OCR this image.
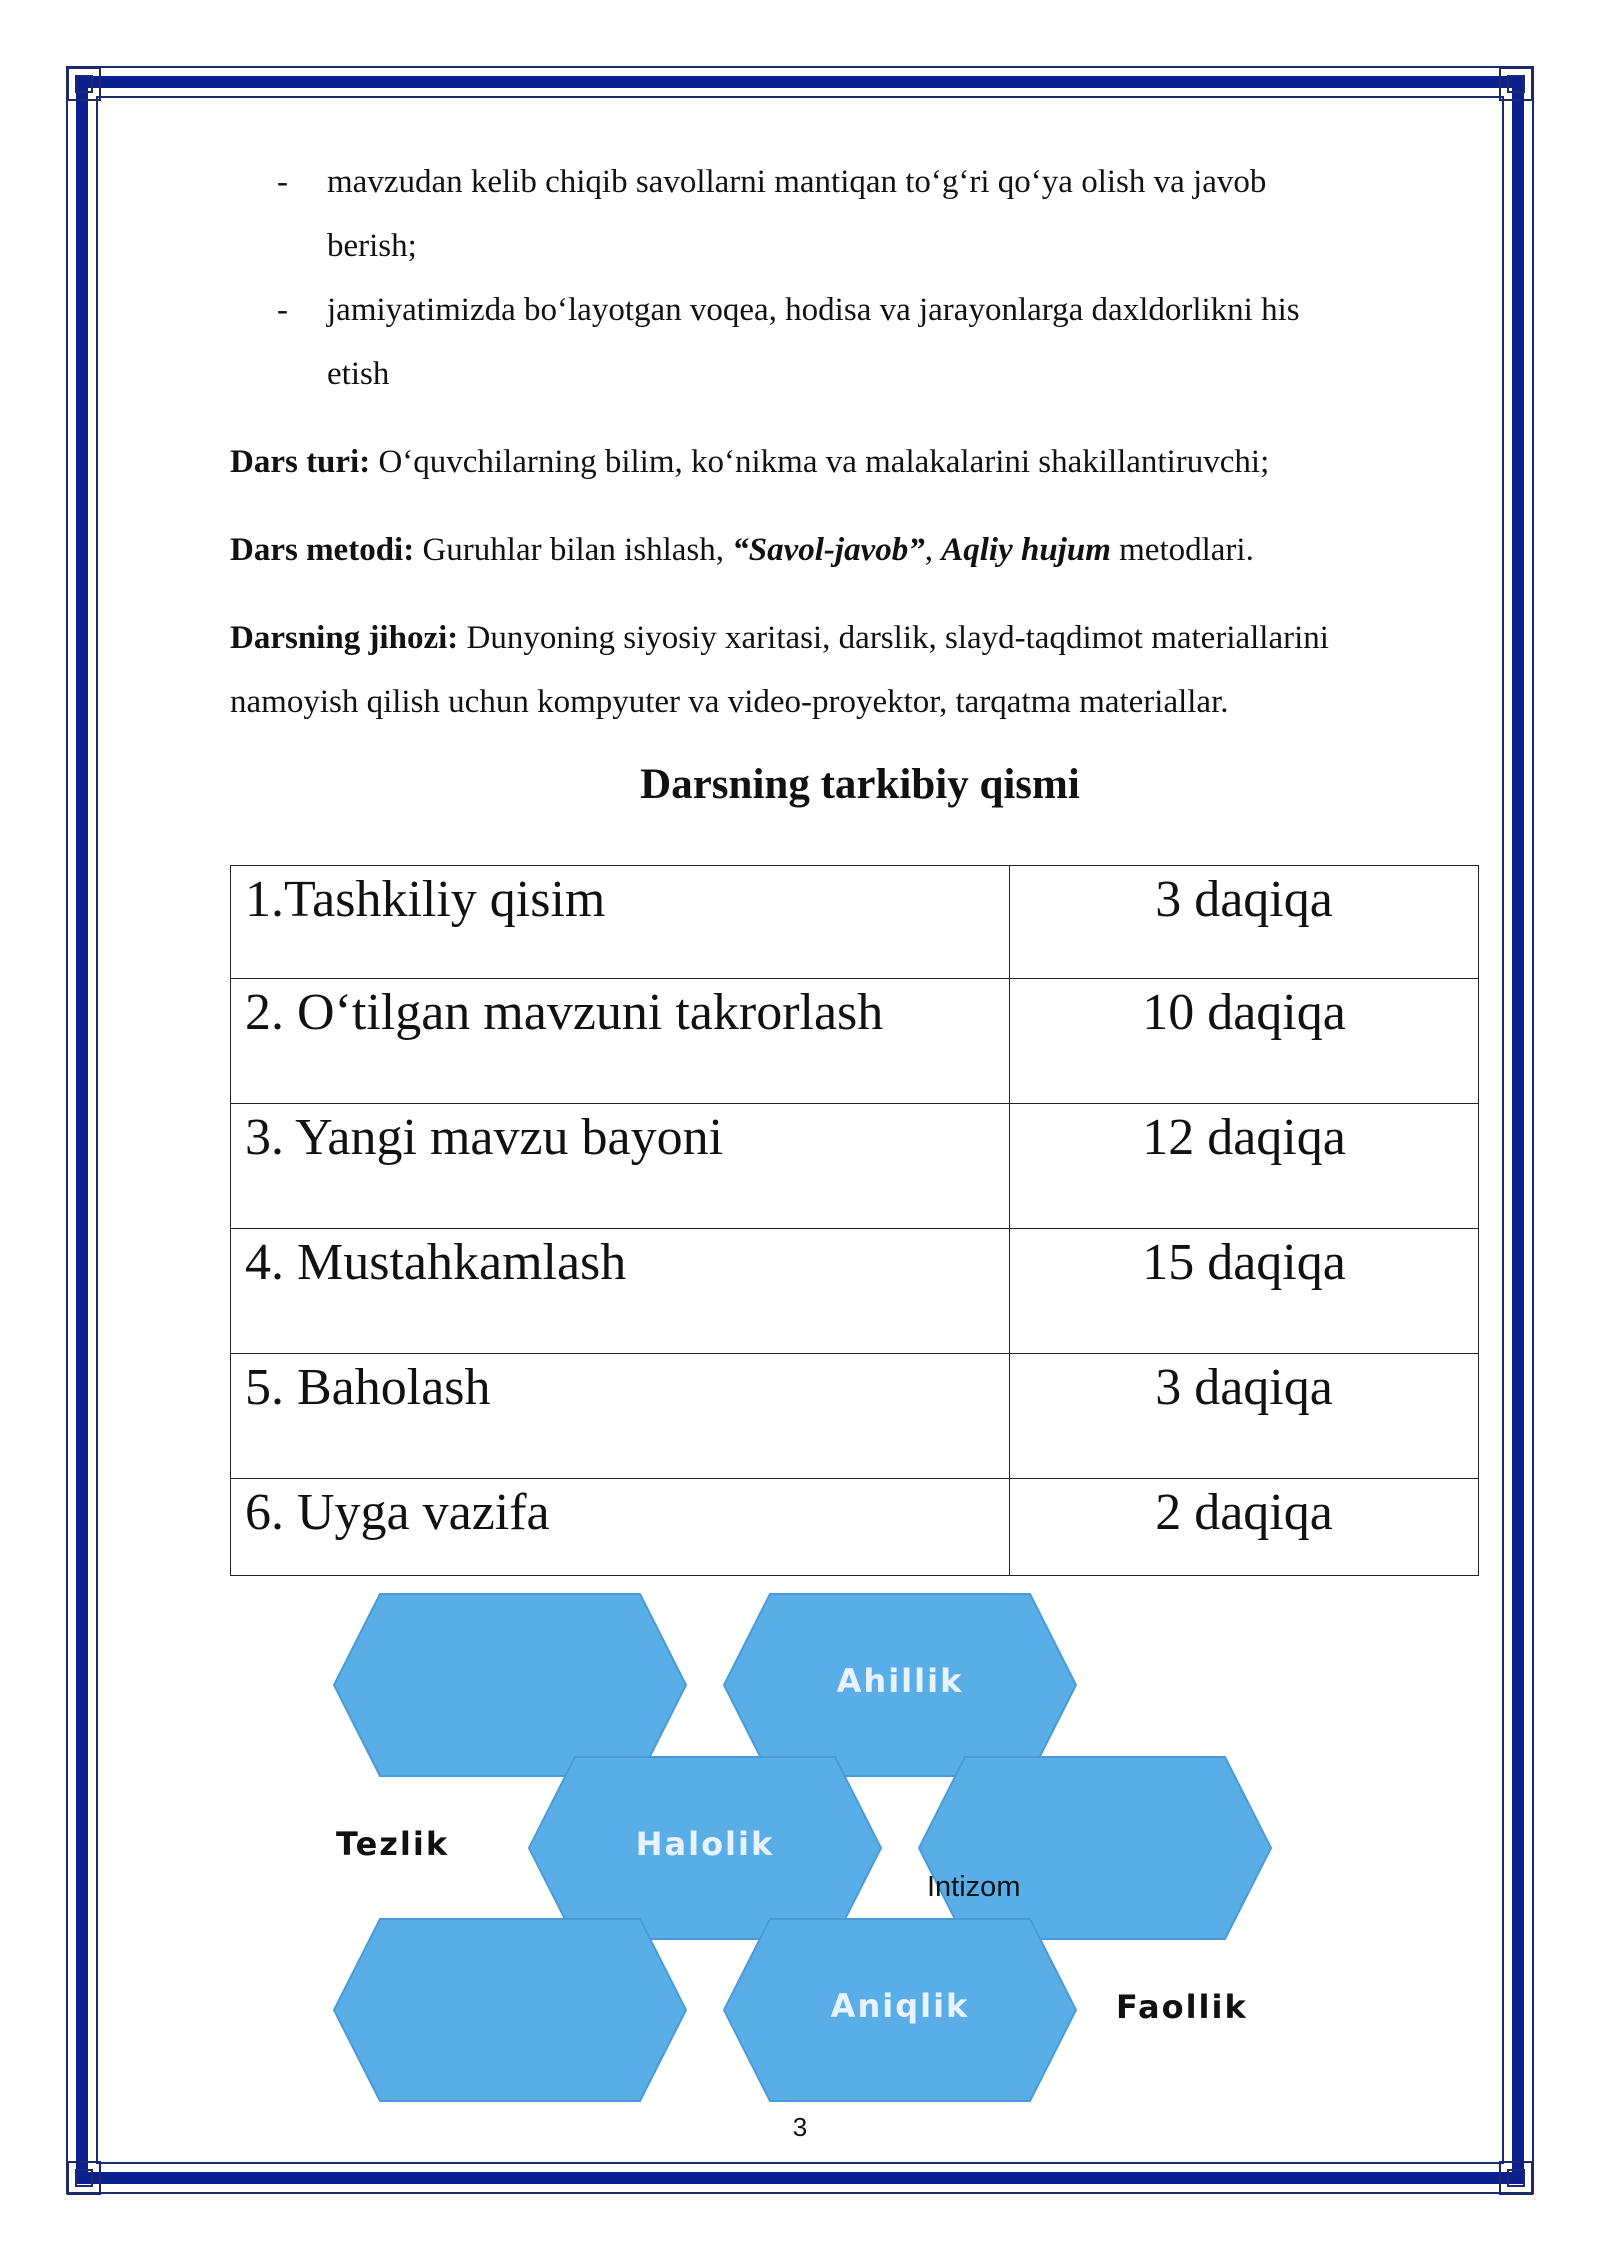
- mavzudan kelib chiqib savollarni mantiqan to‘g‘ri qo‘ya olish va javob
berish;
- jamiyatimizda bo‘layotgan voqea, hodisa va jarayonlarga daxldorlikni his
etish
Dars turi: O‘quvchilarning bilim, ko‘nikma va malakalarini shakillantiruvchi;
Dars metodi: Guruhlar bilan ishlash, “Savol-javob”, Aqliy hujum metodlari.
Darsning jihozi: Dunyoning siyosiy xaritasi, darslik, slayd-taqdimot materiallarini
namoyish qilish uchun kompyuter va video-proyektor, tarqatma materiallar.
Darsning tarkibiy qismi
1.Tashkiliy qisim	3 daqiqa
2. O‘tilgan mavzuni takrorlash	10 daqiqa
3. Yangi mavzu bayoni	12 daqiqa
4. Mustahkamlash	15 daqiqa
5. Baholash	3 daqiqa
6. Uyga vazifa	2 daqiqa
Ahillik
Tezlik	Halolik
Intizom
Aniqlik	Faollik
3
